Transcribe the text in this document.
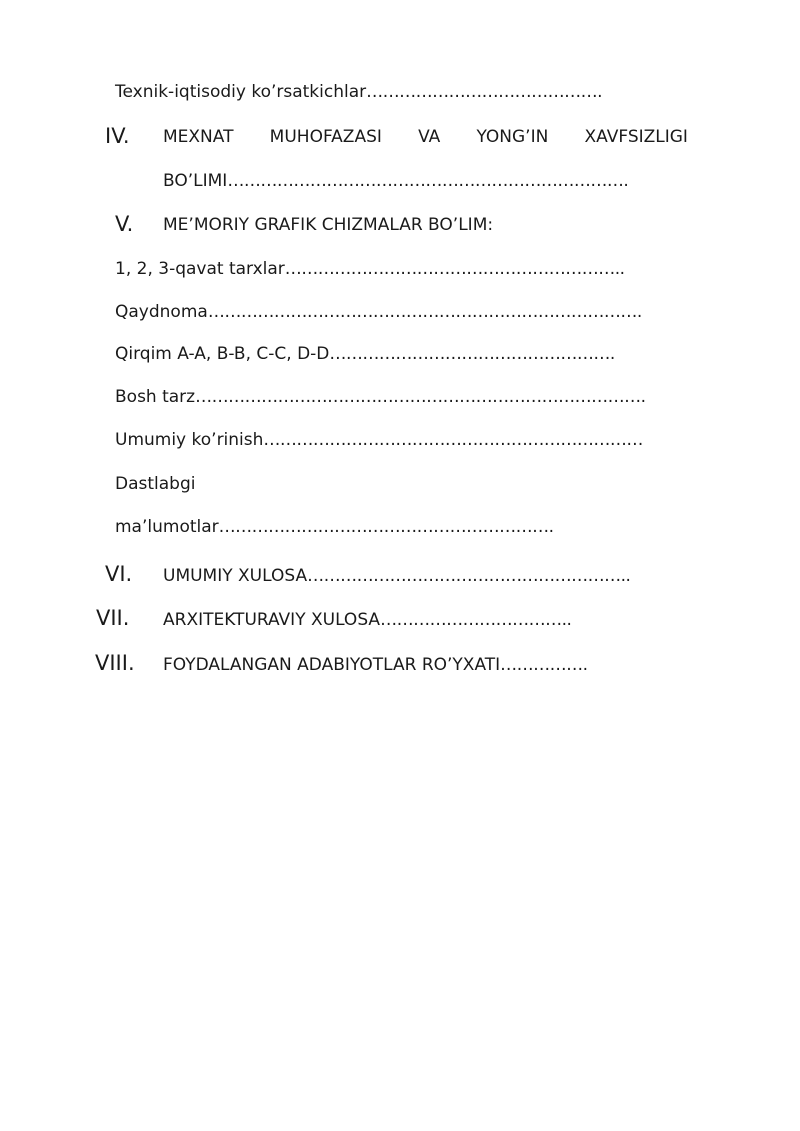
Texnik-iqtisodiy ko’rsatkichlar…………………………………….
IV. MEXNAT MUHOFAZASI VA YONG’IN XAVFSIZLIGI
BO’LIMI……………………………………………………………….
V. ME’MORIY GRAFIK CHIZMALAR BO’LIM:
1, 2, 3-qavat tarxlar……………………………………………………..
Qaydnoma…………………………………………………………………….
Qirqim A-A, B-B, C-C, D-D…………………………………………….
Bosh tarz……………………………………………………………………….
Umumiy ko’rinish……………………………………………………………
Dastlabgi
ma’lumotlar…………………………………………………….
VI. UMUMIY XULOSA…………………………………………………..
VII. ARXITEKTURAVIY XULOSA……………………………..
VIII. FOYDALANGAN ADABIYOTLAR RO’YXATI…………….
